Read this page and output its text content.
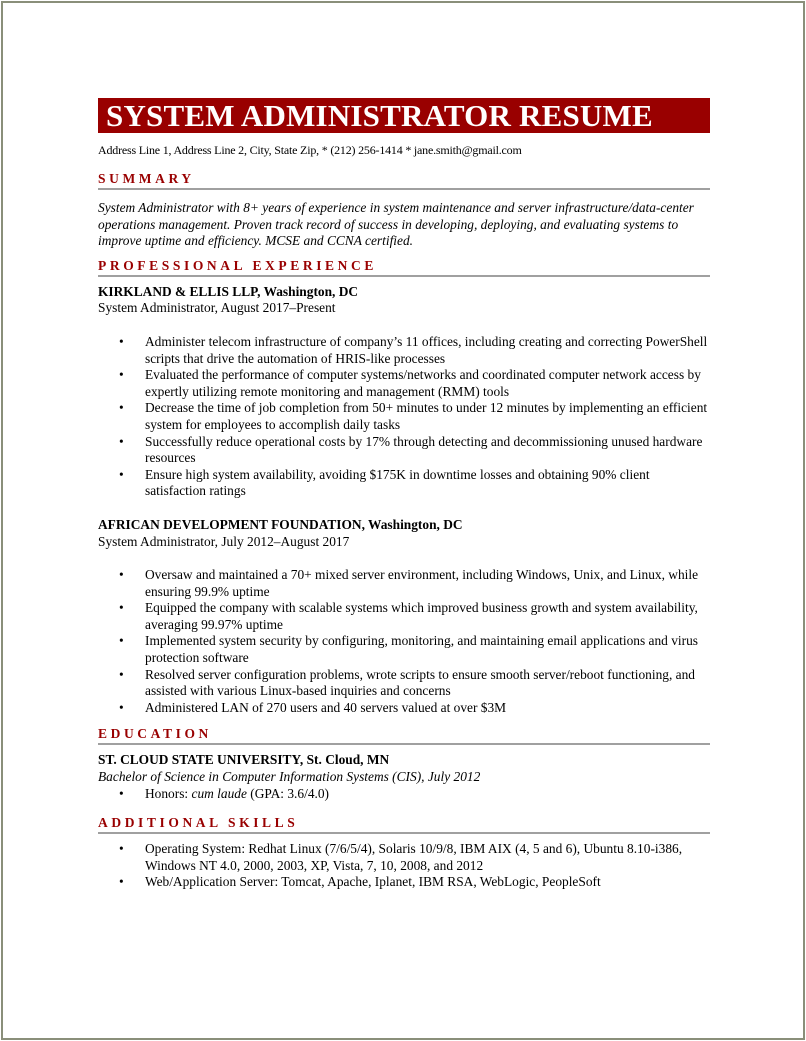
SYSTEM ADMINISTRATOR RESUME
Address Line 1, Address Line 2, City, State Zip, * (212) 256-1414 * jane.smith@gmail.com
SUMMARY
System Administrator with 8+ years of experience in system maintenance and server infrastructure/data-center operations management. Proven track record of success in developing, deploying, and evaluating systems to improve uptime and efficiency. MCSE and CCNA certified.
PROFESSIONAL EXPERIENCE
KIRKLAND & ELLIS LLP, Washington, DC
System Administrator, August 2017–Present
• Administer telecom infrastructure of company’s 11 offices, including creating and correcting PowerShell scripts that drive the automation of HRIS-like processes
• Evaluated the performance of computer systems/networks and coordinated computer network access by expertly utilizing remote monitoring and management (RMM) tools
• Decrease the time of job completion from 50+ minutes to under 12 minutes by implementing an efficient system for employees to accomplish daily tasks
• Successfully reduce operational costs by 17% through detecting and decommissioning unused hardware resources
• Ensure high system availability, avoiding $175K in downtime losses and obtaining 90% client satisfaction ratings
AFRICAN DEVELOPMENT FOUNDATION, Washington, DC
System Administrator, July 2012–August 2017
• Oversaw and maintained a 70+ mixed server environment, including Windows, Unix, and Linux, while ensuring 99.9% uptime
• Equipped the company with scalable systems which improved business growth and system availability, averaging 99.97% uptime
• Implemented system security by configuring, monitoring, and maintaining email applications and virus protection software
• Resolved server configuration problems, wrote scripts to ensure smooth server/reboot functioning, and assisted with various Linux-based inquiries and concerns
• Administered LAN of 270 users and 40 servers valued at over $3M
EDUCATION
ST. CLOUD STATE UNIVERSITY, St. Cloud, MN
Bachelor of Science in Computer Information Systems (CIS), July 2012
• Honors: cum laude (GPA: 3.6/4.0)
ADDITIONAL SKILLS
• Operating System: Redhat Linux (7/6/5/4), Solaris 10/9/8, IBM AIX (4, 5 and 6), Ubuntu 8.10-i386, Windows NT 4.0, 2000, 2003, XP, Vista, 7, 10, 2008, and 2012
• Web/Application Server: Tomcat, Apache, Iplanet, IBM RSA, WebLogic, PeopleSoft
